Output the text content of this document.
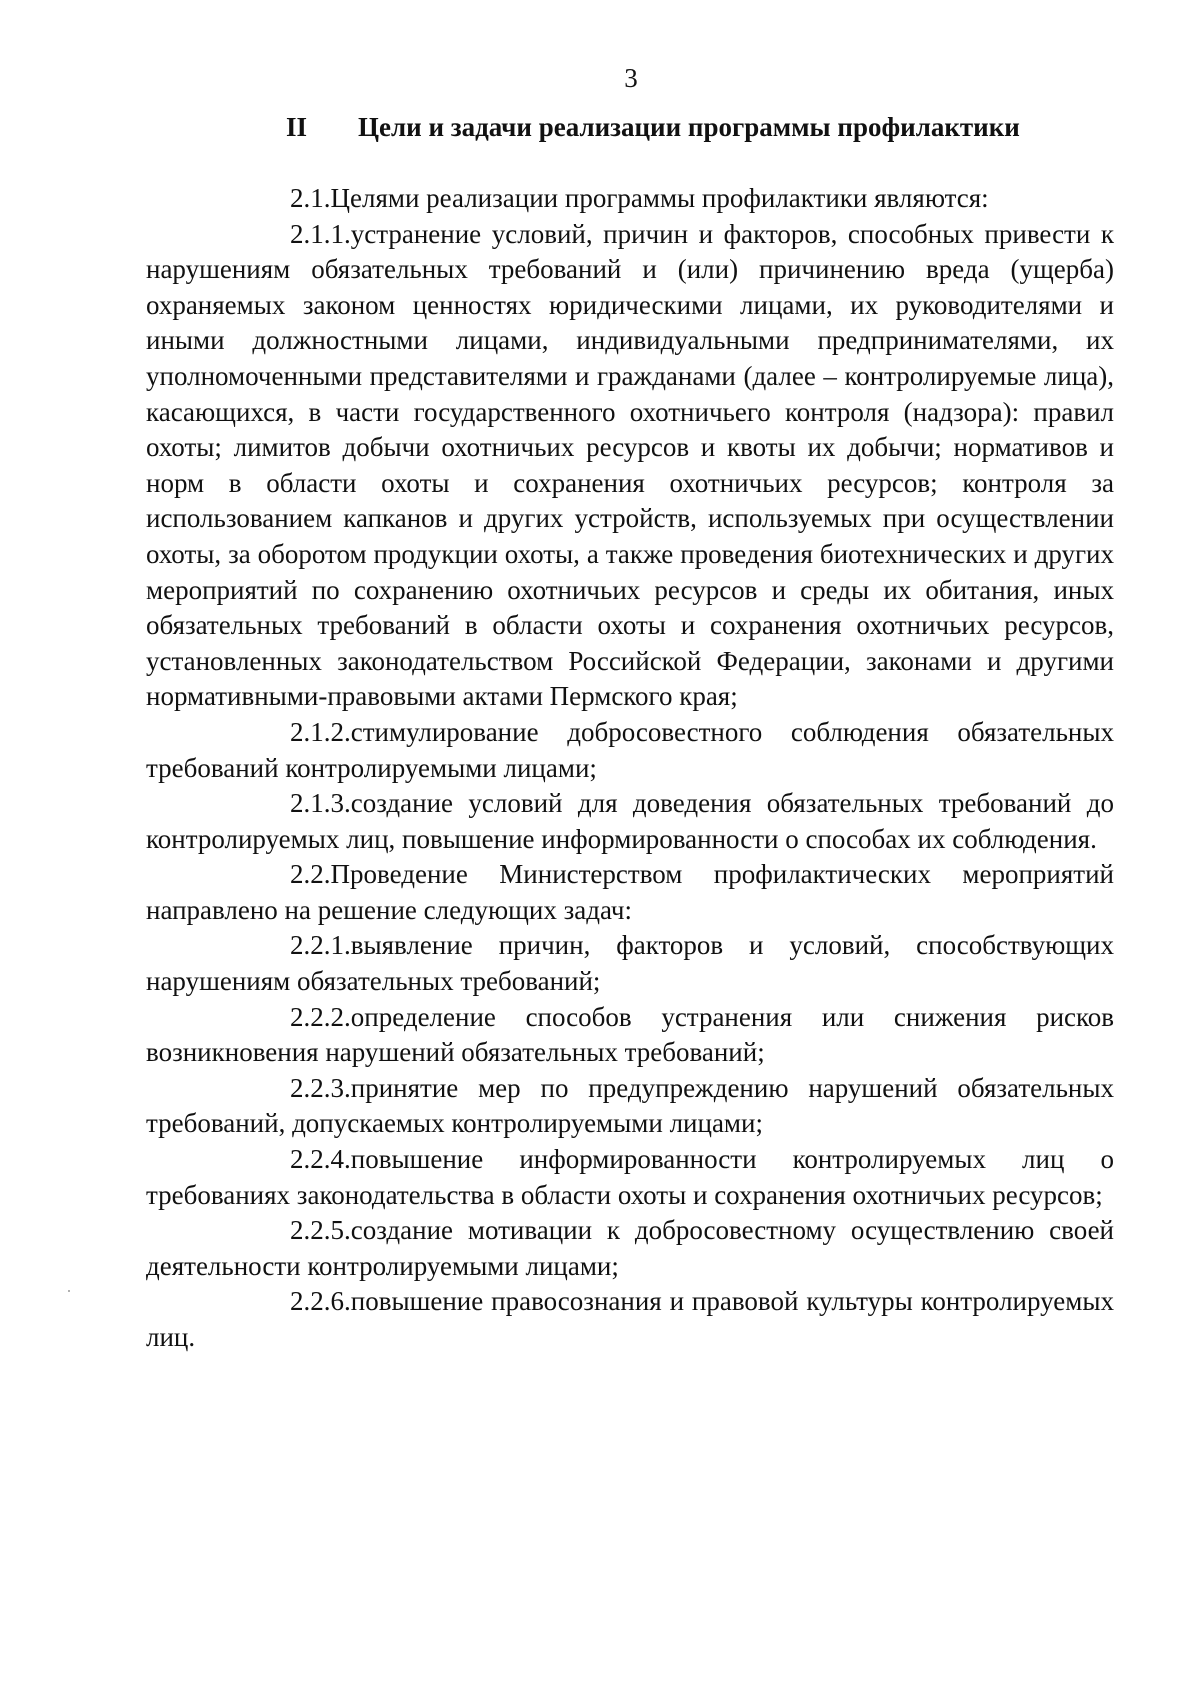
3
II Цели и задачи реализации программы профилактики

2.1.Целями реализации программы профилактики являются:

2.1.1.устранение условий, причин и факторов, способных привести к нарушениям обязательных требований и (или) причинению вреда (ущерба) охраняемых законом ценностях юридическими лицами, их руководителями и иными должностными лицами, индивидуальными предпринимателями, их уполномоченными представителями и гражданами (далее – контролируемые лица), касающихся, в части государственного охотничьего контроля (надзора): правил охоты; лимитов добычи охотничьих ресурсов и квоты их добычи; нормативов и норм в области охоты и сохранения охотничьих ресурсов; контроля за использованием капканов и других устройств, используемых при осуществлении охоты, за оборотом продукции охоты, а также проведения биотехнических и других мероприятий по сохранению охотничьих ресурсов и среды их обитания, иных обязательных требований в области охоты и сохранения охотничьих ресурсов, установленных законодательством Российской Федерации, законами и другими нормативными-правовыми актами Пермского края;

2.1.2.стимулирование добросовестного соблюдения обязательных требований контролируемыми лицами;

2.1.3.создание условий для доведения обязательных требований до контролируемых лиц, повышение информированности о способах их соблюдения.

2.2.Проведение Министерством профилактических мероприятий направлено на решение следующих задач:

2.2.1.выявление причин, факторов и условий, способствующих нарушениям обязательных требований;

2.2.2.определение способов устранения или снижения рисков возникновения нарушений обязательных требований;

2.2.3.принятие мер по предупреждению нарушений обязательных требований, допускаемых контролируемыми лицами;

2.2.4.повышение информированности контролируемых лиц о требованиях законодательства в области охоты и сохранения охотничьих ресурсов;

2.2.5.создание мотивации к добросовестному осуществлению своей деятельности контролируемыми лицами;

2.2.6.повышение правосознания и правовой культуры контролируемых лиц.
